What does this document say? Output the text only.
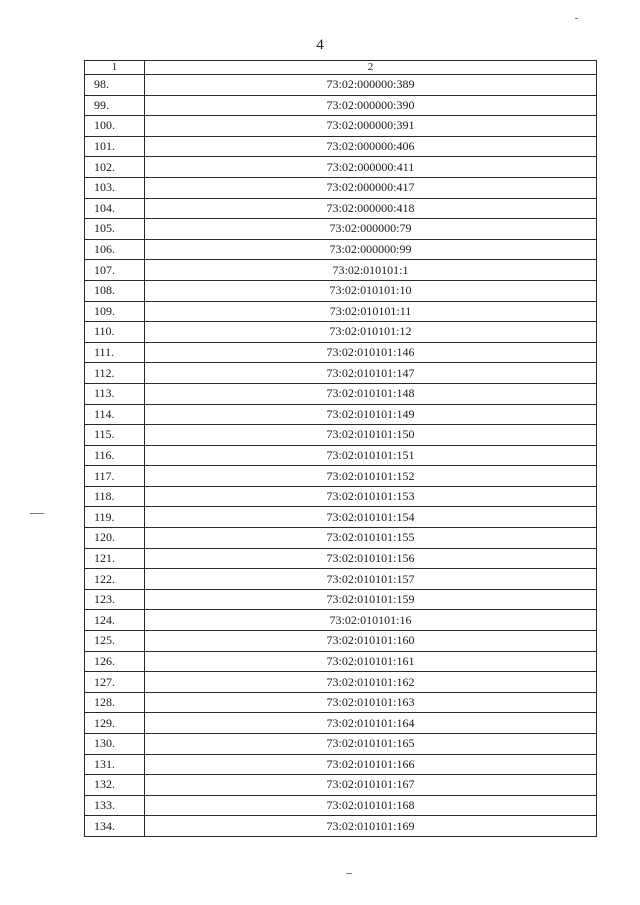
4
1	2
98.	73:02:000000:389
99.	73:02:000000:390
100.	73:02:000000:391
101.	73:02:000000:406
102.	73:02:000000:411
103.	73:02:000000:417
104.	73:02:000000:418
105.	73:02:000000:79
106.	73:02:000000:99
107.	73:02:010101:1
108.	73:02:010101:10
109.	73:02:010101:11
110.	73:02:010101:12
111.	73:02:010101:146
112.	73:02:010101:147
113.	73:02:010101:148
114.	73:02:010101:149
115.	73:02:010101:150
116.	73:02:010101:151
117.	73:02:010101:152
118.	73:02:010101:153
119.	73:02:010101:154
120.	73:02:010101:155
121.	73:02:010101:156
122.	73:02:010101:157
123.	73:02:010101:159
124.	73:02:010101:16
125.	73:02:010101:160
126.	73:02:010101:161
127.	73:02:010101:162
128.	73:02:010101:163
129.	73:02:010101:164
130.	73:02:010101:165
131.	73:02:010101:166
132.	73:02:010101:167
133.	73:02:010101:168
134.	73:02:010101:169
